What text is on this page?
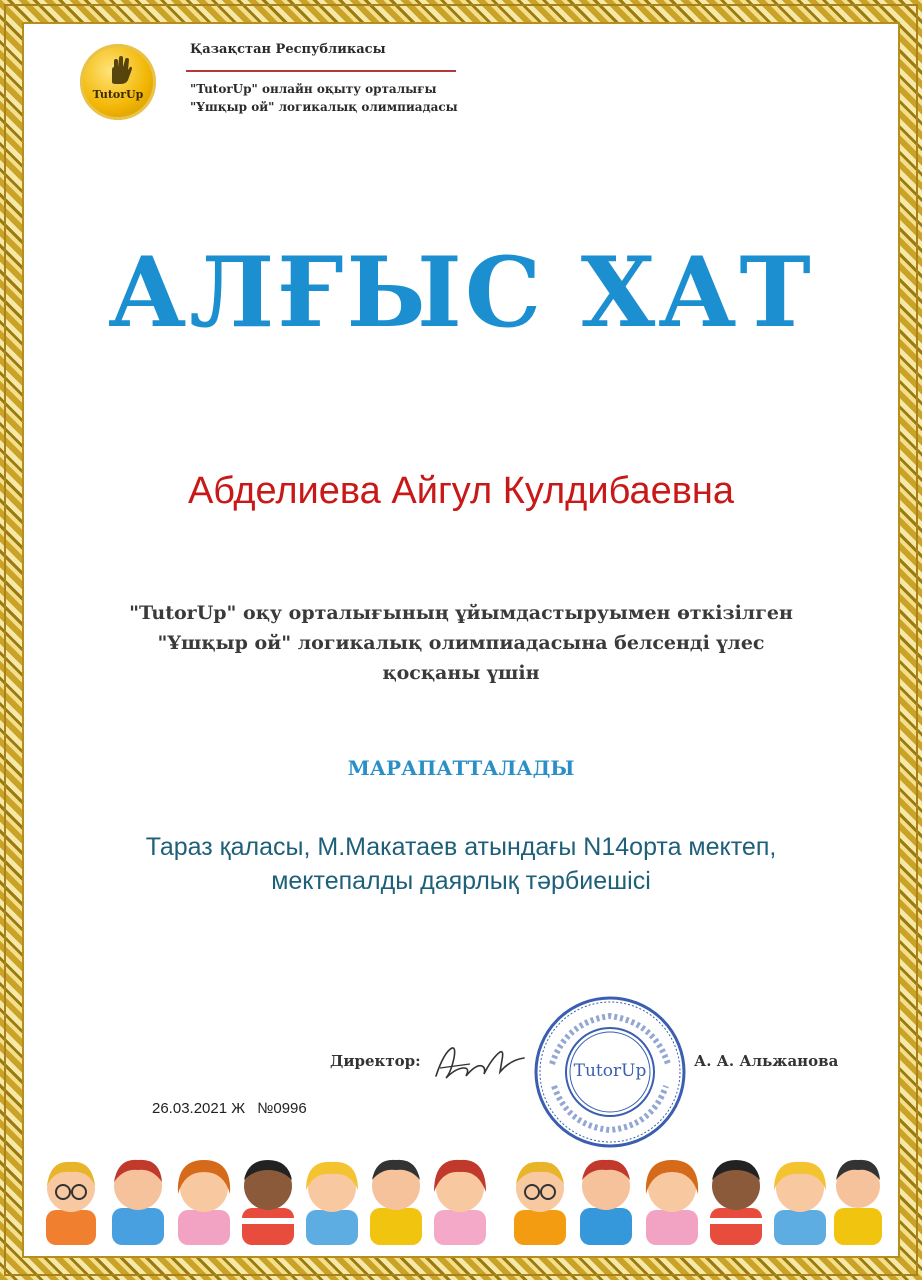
TutorUp
Қазақстан Республикасы
"TutorUp" онлайн оқыту орталығы
"Ұшқыр ой" логикалық олимпиадасы
АЛҒЫС ХАТ
Абделиева Айгул Кулдибаевна
"TutorUp" оқу орталығының ұйымдастыруымен өткізілген
"Ұшқыр ой" логикалық олимпиадасына белсенді үлес
қосқаны үшін
МАРАПАТТАЛАДЫ
Тараз қаласы, М.Макатаев атындағы N14орта мектеп,
мектепалды даярлық тәрбиешісі
Директор:	TutorUp	А. А. Альжанова
26.03.2021 Ж №0996
